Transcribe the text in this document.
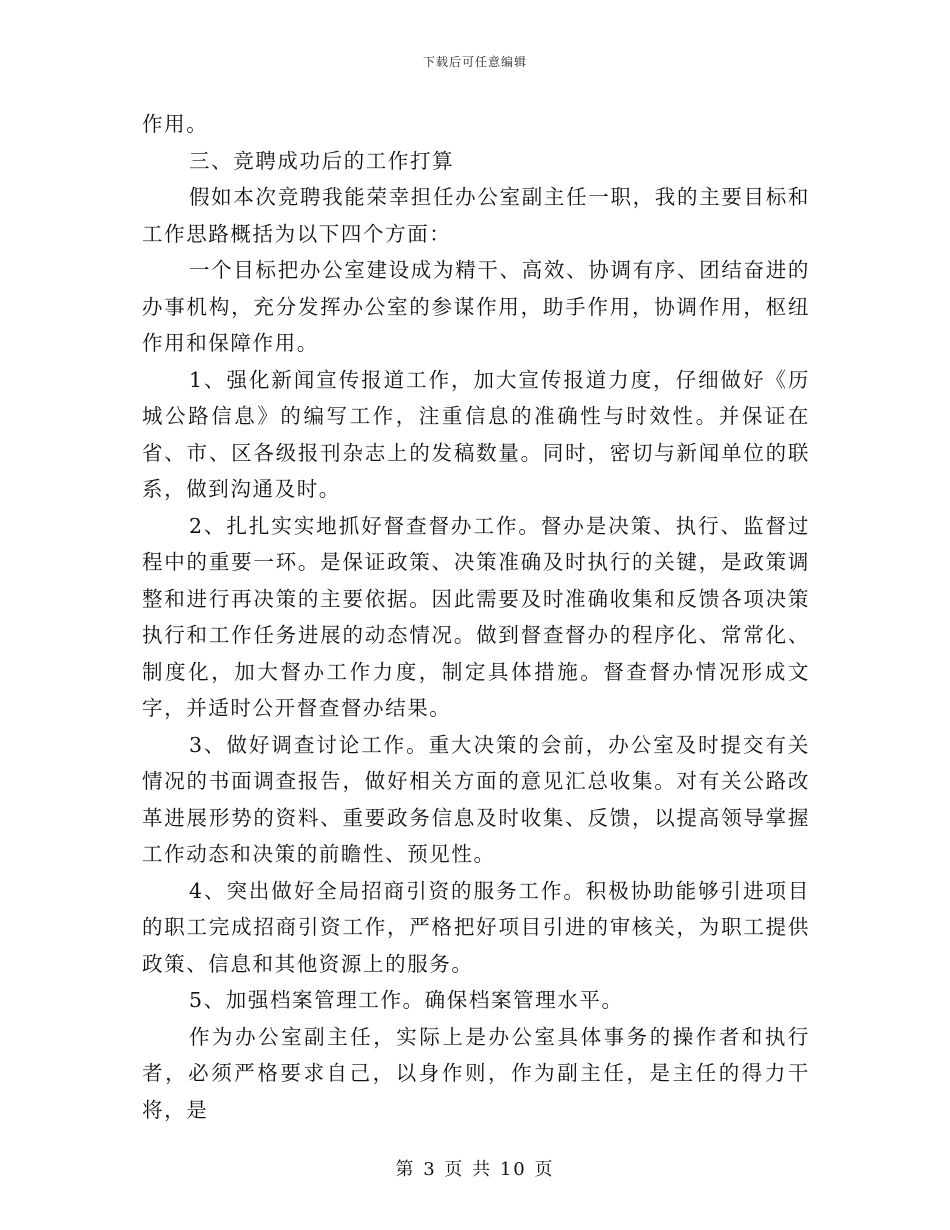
下载后可任意编辑

作用。

三、竞聘成功后的工作打算

假如本次竞聘我能荣幸担任办公室副主任一职，我的主要目标和工作思路概括为以下四个方面：

一个目标把办公室建设成为精干、高效、协调有序、团结奋进的办事机构，充分发挥办公室的参谋作用，助手作用，协调作用，枢纽作用和保障作用。

1、强化新闻宣传报道工作，加大宣传报道力度，仔细做好《历城公路信息》的编写工作，注重信息的准确性与时效性。并保证在省、市、区各级报刊杂志上的发稿数量。同时，密切与新闻单位的联系，做到沟通及时。

2、扎扎实实地抓好督查督办工作。督办是决策、执行、监督过程中的重要一环。是保证政策、决策准确及时执行的关键，是政策调整和进行再决策的主要依据。因此需要及时准确收集和反馈各项决策执行和工作任务进展的动态情况。做到督查督办的程序化、常常化、制度化，加大督办工作力度，制定具体措施。督查督办情况形成文字，并适时公开督查督办结果。

3、做好调查讨论工作。重大决策的会前，办公室及时提交有关情况的书面调查报告，做好相关方面的意见汇总收集。对有关公路改革进展形势的资料、重要政务信息及时收集、反馈，以提高领导掌握工作动态和决策的前瞻性、预见性。

4、突出做好全局招商引资的服务工作。积极协助能够引进项目的职工完成招商引资工作，严格把好项目引进的审核关，为职工提供政策、信息和其他资源上的服务。

5、加强档案管理工作。确保档案管理水平。

作为办公室副主任，实际上是办公室具体事务的操作者和执行者，必须严格要求自己，以身作则，作为副主任，是主任的得力干将，是

第 3 页 共 10 页
